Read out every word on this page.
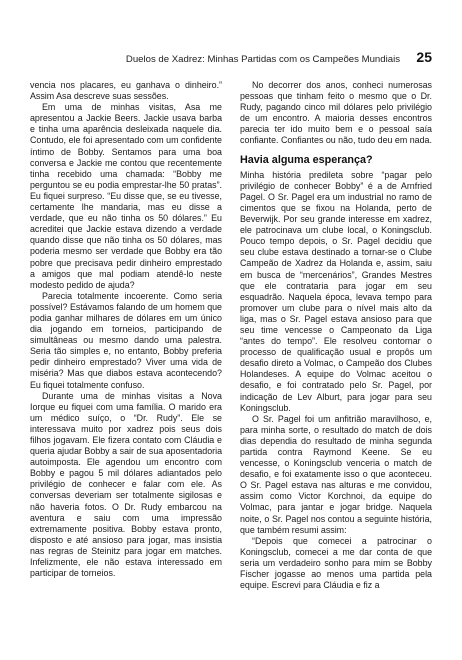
Duelos de Xadrez: Minhas Partidas com os Campeões Mundiais 25

vencia nos placares, eu ganhava o dinheiro.” Assim Asa descreve suas sessões.

Em uma de minhas visitas, Asa me apresentou a Jackie Beers. Jackie usava barba e tinha uma aparência desleixada naquele dia. Contudo, ele foi apresentado com um confidente íntimo de Bobby. Sentamos para uma boa conversa e Jackie me contou que recentemente tinha recebido uma chamada: “Bobby me perguntou se eu podia emprestar-lhe 50 pratas”. Eu fiquei surpreso. “Eu disse que, se eu tivesse, certamente lhe mandaria, mas eu disse a verdade, que eu não tinha os 50 dólares.” Eu acreditei que Jackie estava dizendo a verdade quando disse que não tinha os 50 dólares, mas poderia mesmo ser verdade que Bobby era tão pobre que precisava pedir dinheiro emprestado a amigos que mal podiam atendê-lo neste modesto pedido de ajuda?

Parecia totalmente incoerente. Como seria possível? Estávamos falando de um homem que podia ganhar milhares de dólares em um único dia jogando em torneios, participando de simultâneas ou mesmo dando uma palestra. Seria tão simples e, no entanto, Bobby preferia pedir dinheiro emprestado? Viver uma vida de miséria? Mas que diabos estava acontecendo? Eu fiquei totalmente confuso.

Durante uma de minhas visitas a Nova Iorque eu fiquei com uma família. O marido era um médico suíço, o “Dr. Rudy”. Ele se interessava muito por xadrez pois seus dois filhos jogavam. Ele fizera contato com Cláudia e queria ajudar Bobby a sair de sua aposentadoria autoimposta. Ele agendou um encontro com Bobby e pagou 5 mil dólares adiantados pelo privilégio de conhecer e falar com ele. As conversas deveriam ser totalmente sigilosas e não haveria fotos. O Dr. Rudy embarcou na aventura e saiu com uma impressão extremamente positiva. Bobby estava pronto, disposto e até ansioso para jogar, mas insistia nas regras de Steinitz para jogar em matches. Infelizmente, ele não estava interessado em participar de torneios.

No decorrer dos anos, conheci numerosas pessoas que tinham feito o mesmo que o Dr. Rudy, pagando cinco mil dólares pelo privilégio de um encontro. A maioria desses encontros parecia ter ido muito bem e o pessoal saía confiante. Confiantes ou não, tudo deu em nada.

Havia alguma esperança?

Minha história predileta sobre “pagar pelo privilégio de conhecer Bobby” é a de Arnfried Pagel. O Sr. Pagel era um industrial no ramo de cimentos que se fixou na Holanda, perto de Beverwijk. Por seu grande interesse em xadrez, ele patrocinava um clube local, o Koningsclub. Pouco tempo depois, o Sr. Pagel decidiu que seu clube estava destinado a tornar-se o Clube Campeão de Xadrez da Holanda e, assim, saiu em busca de “mercenários”, Grandes Mestres que ele contrataria para jogar em seu esquadrão. Naquela época, levava tempo para promover um clube para o nível mais alto da liga, mas o Sr. Pagel estava ansioso para que seu time vencesse o Campeonato da Liga “antes do tempo”. Ele resolveu contornar o processo de qualificação usual e propôs um desafio direto a Volmac, o Campeão dos Clubes Holandeses. A equipe do Volmac aceitou o desafio, e foi contratado pelo Sr. Pagel, por indicação de Lev Alburt, para jogar para seu Koningsclub.

O Sr. Pagel foi um anfitrião maravilhoso, e, para minha sorte, o resultado do match de dois dias dependia do resultado de minha segunda partida contra Raymond Keene. Se eu vencesse, o Koningsclub venceria o match de desafio, e foi exatamente isso o que aconteceu. O Sr. Pagel estava nas alturas e me convidou, assim como Victor Korchnoi, da equipe do Volmac, para jantar e jogar bridge. Naquela noite, o Sr. Pagel nos contou a seguinte história, que também resumi assim:

“Depois que comecei a patrocinar o Koningsclub, comecei a me dar conta de que seria um verdadeiro sonho para mim se Bobby Fischer jogasse ao menos uma partida pela equipe. Escrevi para Cláudia e fiz a
